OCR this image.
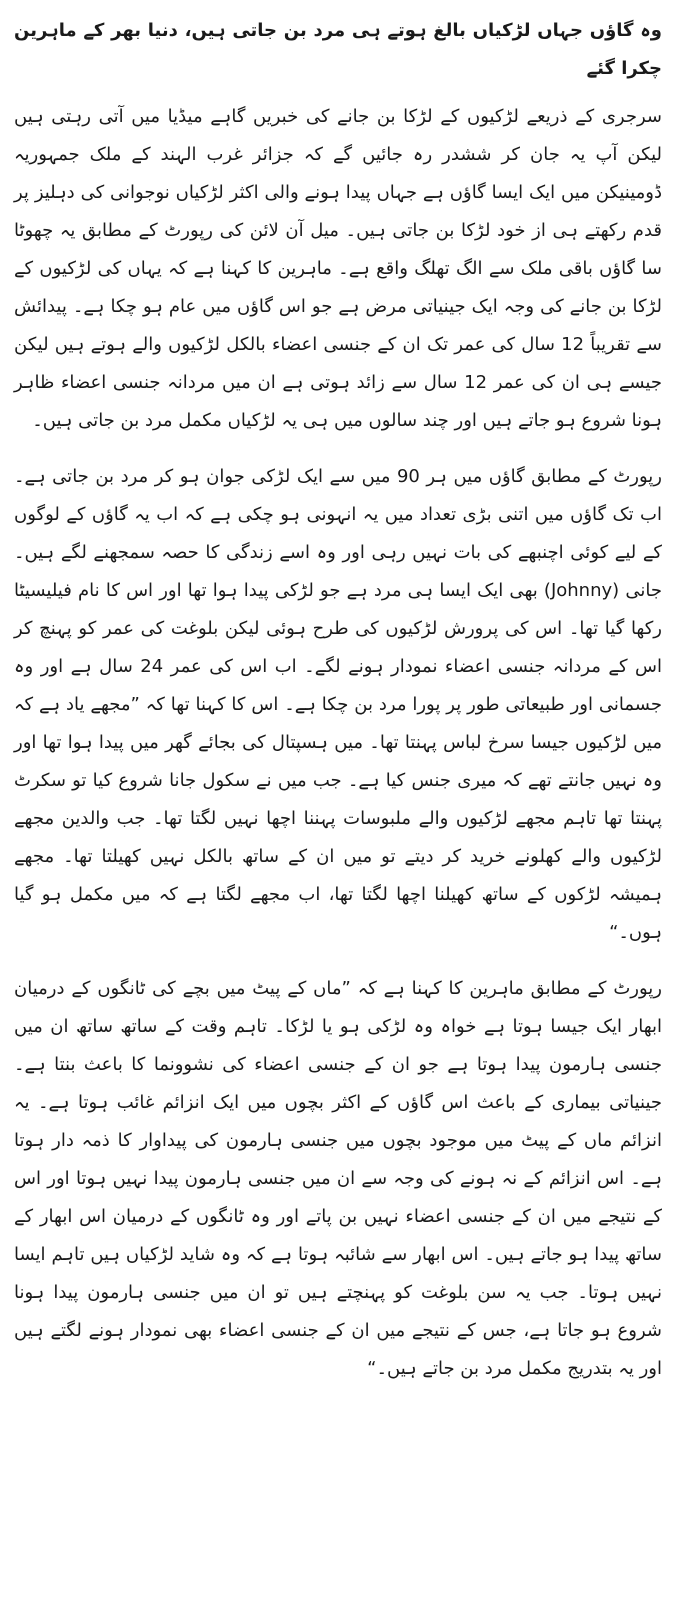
وہ گاؤں جہاں لڑکیاں بالغ ہوتے ہی مرد بن جاتی ہیں، دنیا بھر کے ماہرین چکرا گئے

سرجری کے ذریعے لڑکیوں کے لڑکا بن جانے کی خبریں گاہے میڈیا میں آتی رہتی ہیں لیکن آپ یہ جان کر ششدر رہ جائیں گے کہ جزائر غرب الہند کے ملک جمہوریہ ڈومینیکن میں ایک ایسا گاؤں ہے جہاں پیدا ہونے والی اکثر لڑکیاں نوجوانی کی دہلیز پر قدم رکھتے ہی از خود لڑکا بن جاتی ہیں۔ میل آن لائن کی رپورٹ کے مطابق یہ چھوٹا سا گاؤں باقی ملک سے الگ تھلگ واقع ہے۔ ماہرین کا کہنا ہے کہ یہاں کی لڑکیوں کے لڑکا بن جانے کی وجہ ایک جینیاتی مرض ہے جو اس گاؤں میں عام ہو چکا ہے۔ پیدائش سے تقریباً 12 سال کی عمر تک ان کے جنسی اعضاء بالکل لڑکیوں والے ہوتے ہیں لیکن جیسے ہی ان کی عمر 12 سال سے زائد ہوتی ہے ان میں مردانہ جنسی اعضاء ظاہر ہونا شروع ہو جاتے ہیں اور چند سالوں میں ہی یہ لڑکیاں مکمل مرد بن جاتی ہیں۔

رپورٹ کے مطابق گاؤں میں ہر 90 میں سے ایک لڑکی جوان ہو کر مرد بن جاتی ہے۔ اب تک گاؤں میں اتنی بڑی تعداد میں یہ انہونی ہو چکی ہے کہ اب یہ گاؤں کے لوگوں کے لیے کوئی اچنبھے کی بات نہیں رہی اور وہ اسے زندگی کا حصہ سمجھنے لگے ہیں۔ جانی (Johnny) بھی ایک ایسا ہی مرد ہے جو لڑکی پیدا ہوا تھا اور اس کا نام فیلیسیٹا رکھا گیا تھا۔ اس کی پرورش لڑکیوں کی طرح ہوئی لیکن بلوغت کی عمر کو پہنچ کر اس کے مردانہ جنسی اعضاء نمودار ہونے لگے۔ اب اس کی عمر 24 سال ہے اور وہ جسمانی اور طبیعاتی طور پر پورا مرد بن چکا ہے۔ اس کا کہنا تھا کہ ”مجھے یاد ہے کہ میں لڑکیوں جیسا سرخ لباس پہنتا تھا۔ میں ہسپتال کی بجائے گھر میں پیدا ہوا تھا اور وہ نہیں جانتے تھے کہ میری جنس کیا ہے۔ جب میں نے سکول جانا شروع کیا تو سکرٹ پہنتا تھا تاہم مجھے لڑکیوں والے ملبوسات پہننا اچھا نہیں لگتا تھا۔ جب والدین مجھے لڑکیوں والے کھلونے خرید کر دیتے تو میں ان کے ساتھ بالکل نہیں کھیلتا تھا۔ مجھے ہمیشہ لڑکوں کے ساتھ کھیلنا اچھا لگتا تھا، اب مجھے لگتا ہے کہ میں مکمل ہو گیا ہوں۔“

رپورٹ کے مطابق ماہرین کا کہنا ہے کہ ”ماں کے پیٹ میں بچے کی ٹانگوں کے درمیان ابھار ایک جیسا ہوتا ہے خواہ وہ لڑکی ہو یا لڑکا۔ تاہم وقت کے ساتھ ساتھ ان میں جنسی ہارمون پیدا ہوتا ہے جو ان کے جنسی اعضاء کی نشوونما کا باعث بنتا ہے۔ جینیاتی بیماری کے باعث اس گاؤں کے اکثر بچوں میں ایک انزائم غائب ہوتا ہے۔ یہ انزائم ماں کے پیٹ میں موجود بچوں میں جنسی ہارمون کی پیداوار کا ذمہ دار ہوتا ہے۔ اس انزائم کے نہ ہونے کی وجہ سے ان میں جنسی ہارمون پیدا نہیں ہوتا اور اس کے نتیجے میں ان کے جنسی اعضاء نہیں بن پاتے اور وہ ٹانگوں کے درمیان اس ابھار کے ساتھ پیدا ہو جاتے ہیں۔ اس ابھار سے شائبہ ہوتا ہے کہ وہ شاید لڑکیاں ہیں تاہم ایسا نہیں ہوتا۔ جب یہ سن بلوغت کو پہنچتے ہیں تو ان میں جنسی ہارمون پیدا ہونا شروع ہو جاتا ہے، جس کے نتیجے میں ان کے جنسی اعضاء بھی نمودار ہونے لگتے ہیں اور یہ بتدریج مکمل مرد بن جاتے ہیں۔“
